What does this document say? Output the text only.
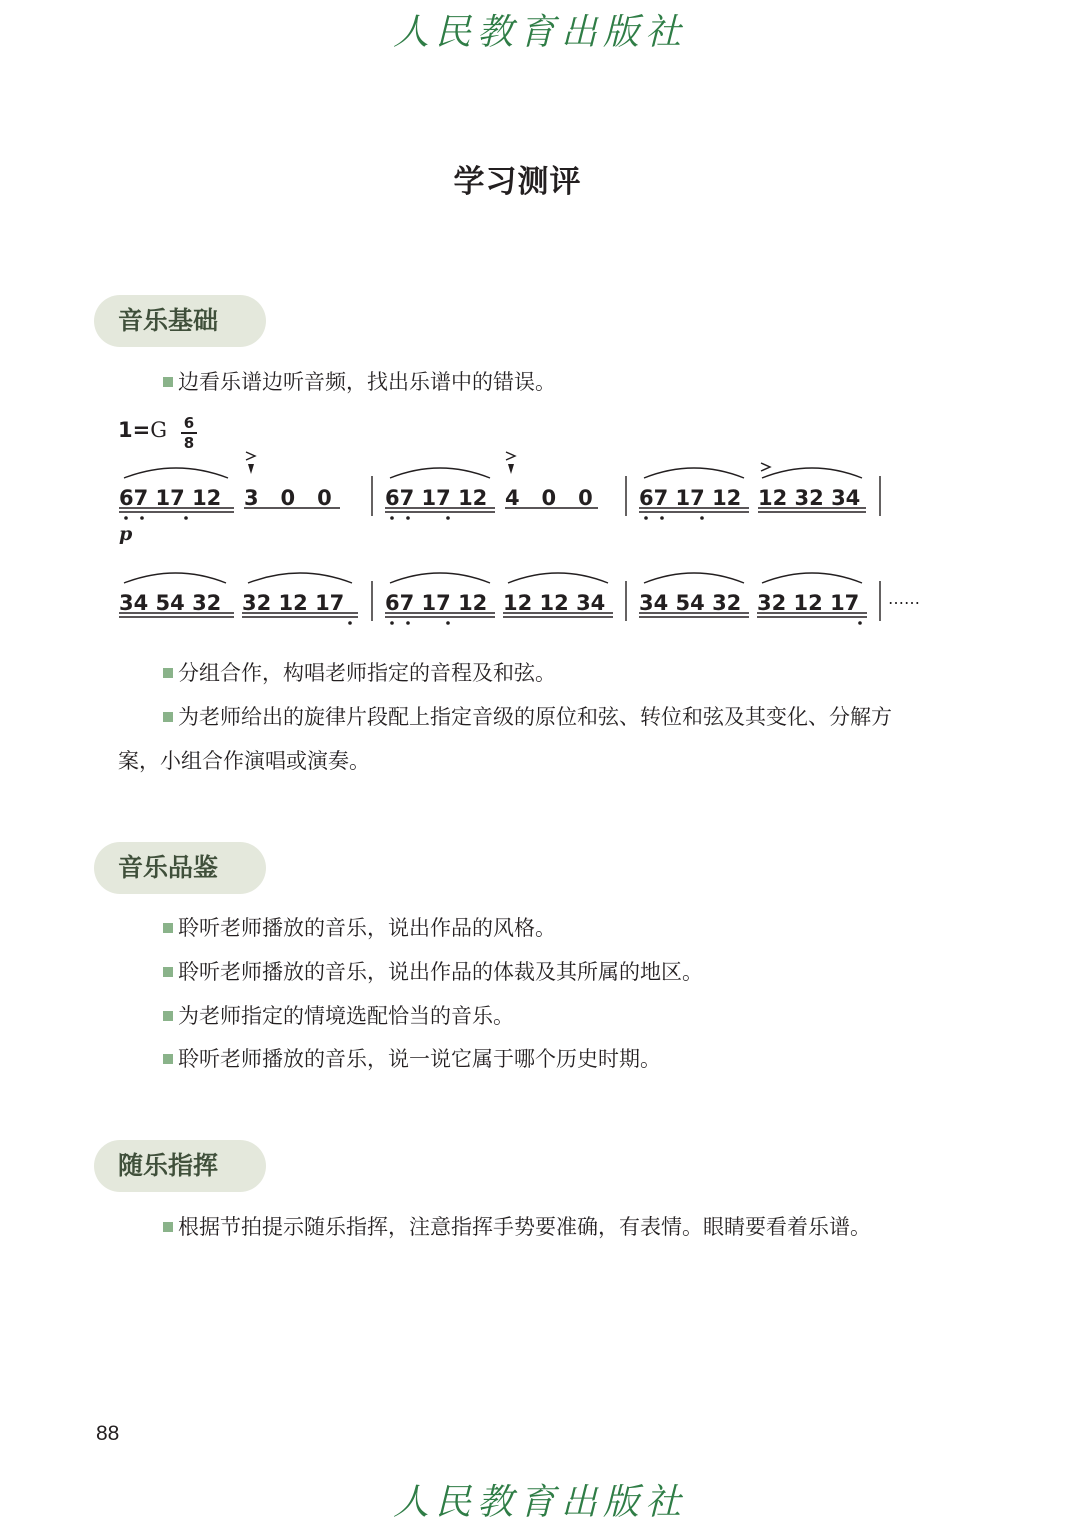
人民教育出版社
学习测评
音乐基础
边看乐谱边听音频，找出乐谱中的错误。
1=G 6
8
67 17 12 3   0   0	67 17 12 4   0   0 67 17 12 12 32 34
p
34 54 32 32 12 17 67 17 12 12 12 34 34 54 32 32 12 17 ……
分组合作，构唱老师指定的音程及和弦。
为老师给出的旋律片段配上指定音级的原位和弦、转位和弦及其变化、分解方案，小组合作演唱或演奏。
音乐品鉴
聆听老师播放的音乐，说出作品的风格。
聆听老师播放的音乐，说出作品的体裁及其所属的地区。
为老师指定的情境选配恰当的音乐。
聆听老师播放的音乐，说一说它属于哪个历史时期。
随乐指挥
根据节拍提示随乐指挥，注意指挥手势要准确，有表情。眼睛要看着乐谱。
88
人民教育出版社
